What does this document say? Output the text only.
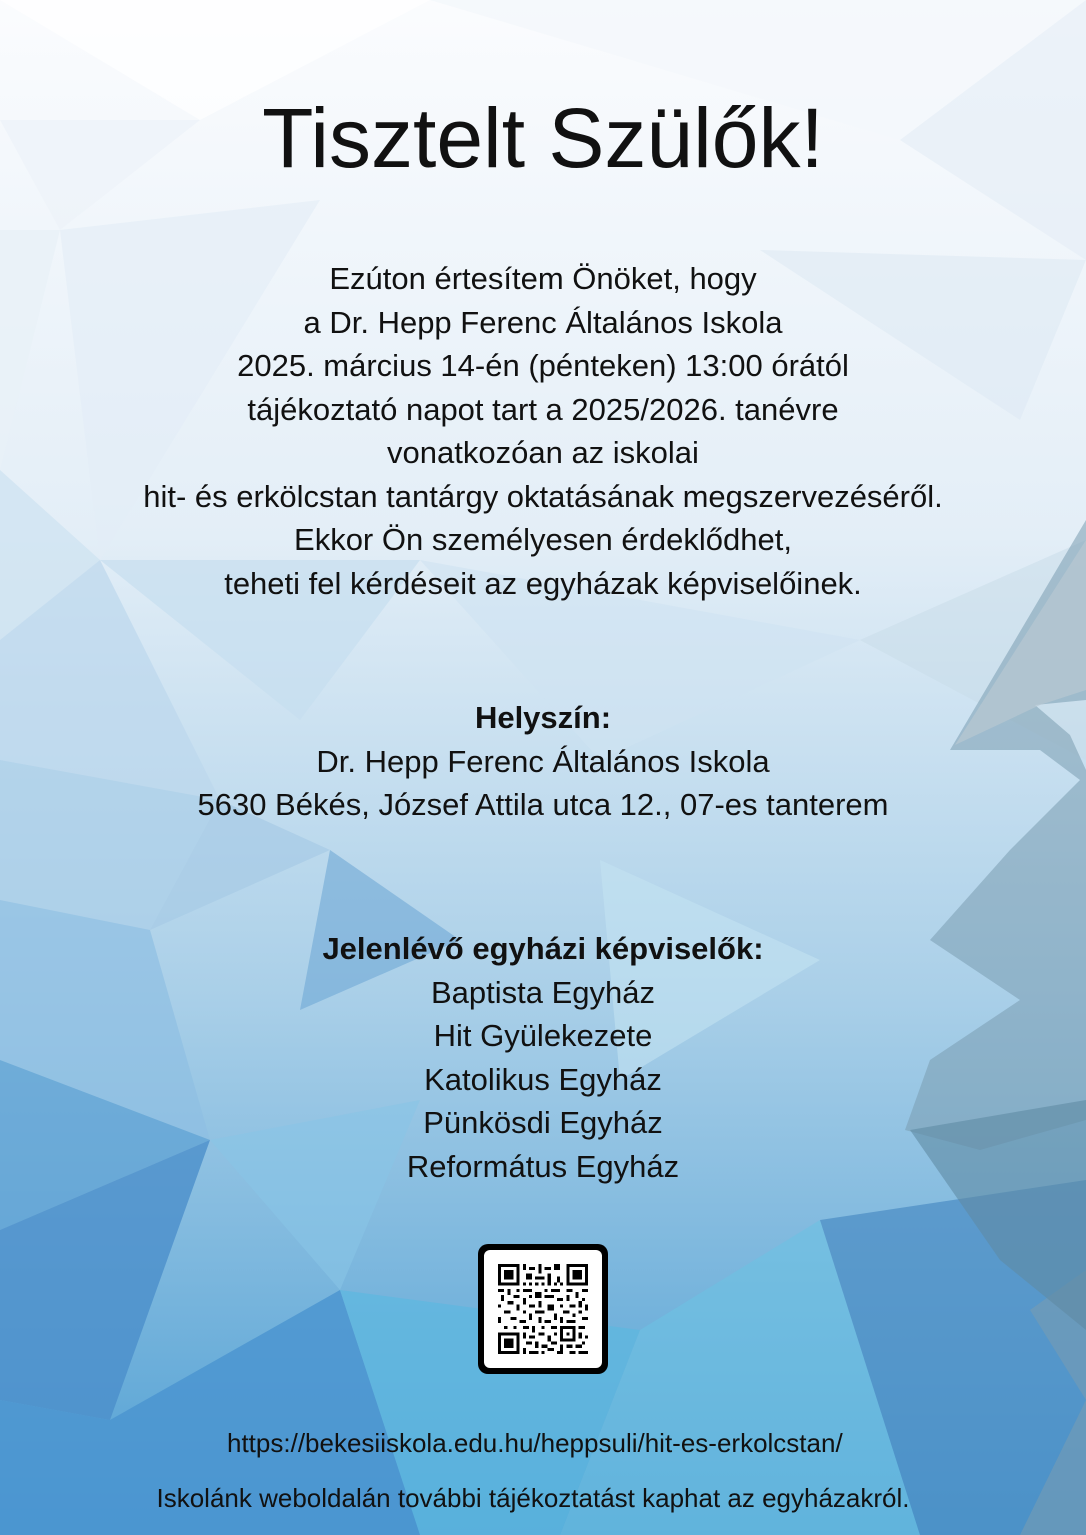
Tisztelt Szülők!
Ezúton értesítem Önöket, hogy
a Dr. Hepp Ferenc Általános Iskola
2025. március 14-én (pénteken) 13:00 órától
tájékoztató napot tart a 2025/2026. tanévre
vonatkozóan az iskolai
hit- és erkölcstan tantárgy oktatásának megszervezéséről.
Ekkor Ön személyesen érdeklődhet,
teheti fel kérdéseit az egyházak képviselőinek.
Helyszín:
Dr. Hepp Ferenc Általános Iskola
5630 Békés, József Attila utca 12., 07-es tanterem
Jelenlévő egyházi képviselők:
Baptista Egyház
Hit Gyülekezete
Katolikus Egyház
Pünkösdi Egyház
Református Egyház
https://bekesiiskola.edu.hu/heppsuli/hit-es-erkolcstan/
Iskolánk weboldalán további tájékoztatást kaphat az egyházakról.
